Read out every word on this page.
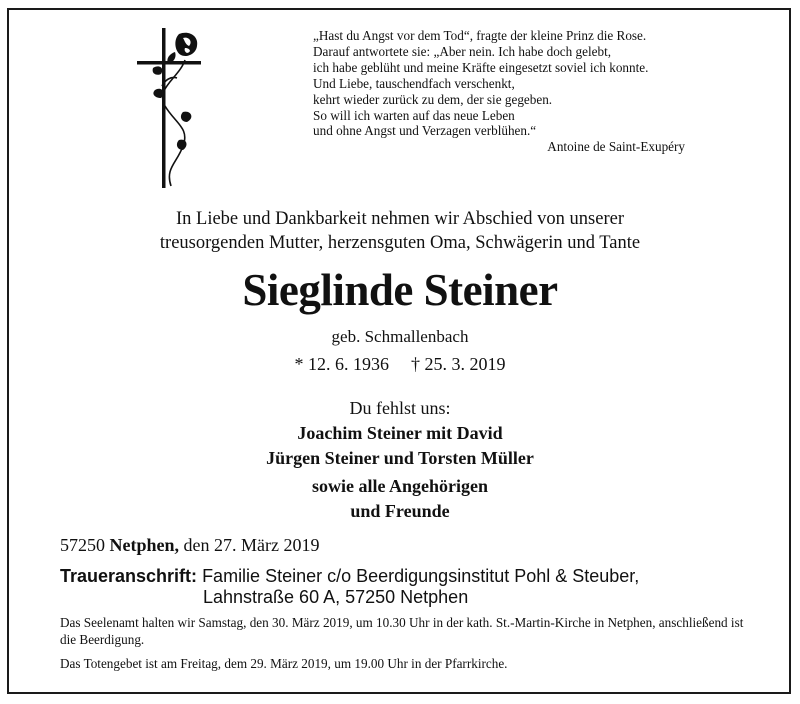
„Hast du Angst vor dem Tod“, fragte der kleine Prinz die Rose.
Darauf antwortete sie: „Aber nein. Ich habe doch gelebt,
ich habe geblüht und meine Kräfte eingesetzt soviel ich konnte.
Und Liebe, tauschendfach verschenkt,
kehrt wieder zurück zu dem, der sie gegeben.
So will ich warten auf das neue Leben
und ohne Angst und Verzagen verblühen.“
Antoine de Saint-Exupéry
In Liebe und Dankbarkeit nehmen wir Abschied von unserer
treusorgenden Mutter, herzensguten Oma, Schwägerin und Tante
Sieglinde Steiner
geb. Schmallenbach
* 12. 6. 1936 † 25. 3. 2019
Du fehlst uns:
Joachim Steiner mit David
Jürgen Steiner und Torsten Müller
sowie alle Angehörigen
und Freunde
57250 Netphen, den 27. März 2019
Traueranschrift: Familie Steiner c/o Beerdigungsinstitut Pohl & Steuber,
Lahnstraße 60 A, 57250 Netphen

Das Seelenamt halten wir Samstag, den 30. März 2019, um 10.30 Uhr in der kath. St.-Martin-Kirche in Netphen, anschließend ist die Beerdigung.

Das Totengebet ist am Freitag, dem 29. März 2019, um 19.00 Uhr in der Pfarrkirche.
